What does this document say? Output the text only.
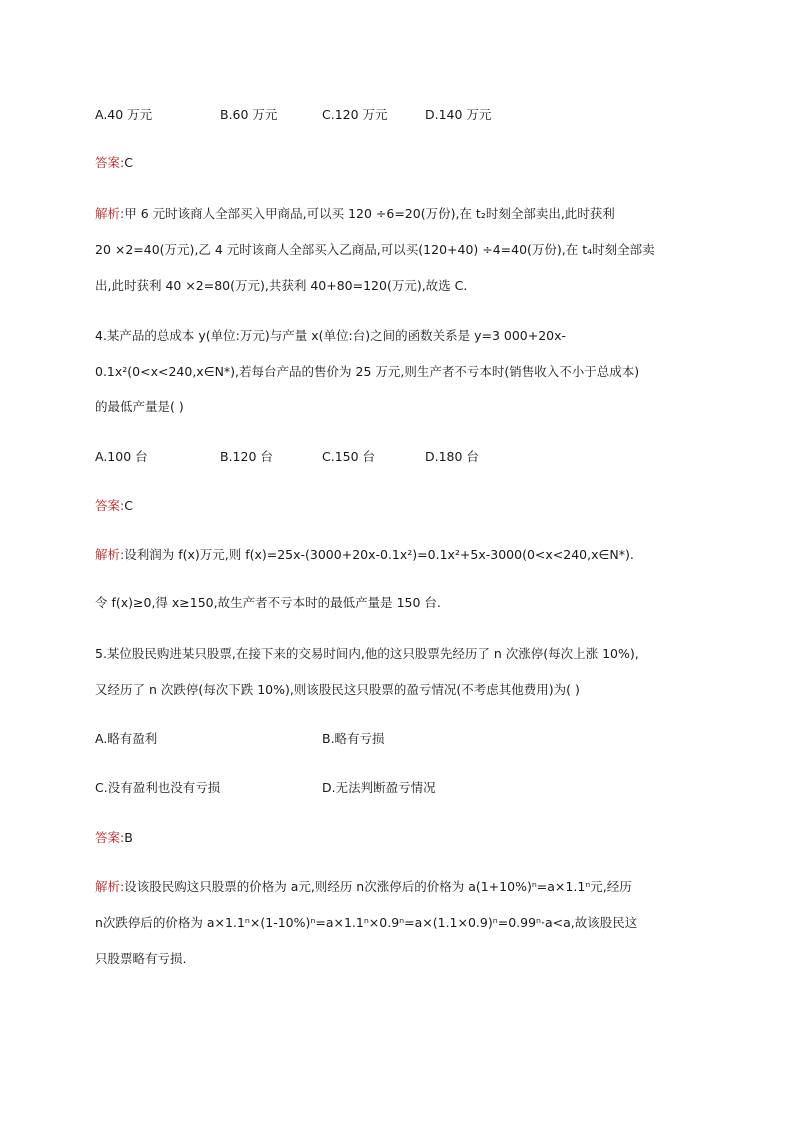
A.40 万元	B.60 万元	C.120 万元	D.140 万元
答案:C
解析:甲 6 元时该商人全部买入甲商品,可以买 120 ÷6=20(万份),在 t₂时刻全部卖出,此时获利
20 ×2=40(万元),乙 4 元时该商人全部买入乙商品,可以买(120+40) ÷4=40(万份),在 t₄时刻全部卖
出,此时获利 40 ×2=80(万元),共获利 40+80=120(万元),故选 C.
4.某产品的总成本 y(单位:万元)与产量 x(单位:台)之间的函数关系是 y=3 000+20x-
0.1x²(0<x<240,x∈N*),若每台产品的售价为 25 万元,则生产者不亏本时(销售收入不小于总成本)
的最低产量是( )
A.100 台	B.120 台	C.150 台	D.180 台
答案:C
解析:设利润为 f(x)万元,则 f(x)=25x-(3000+20x-0.1x²)=0.1x²+5x-3000(0<x<240,x∈N*).
令 f(x)≥0,得 x≥150,故生产者不亏本时的最低产量是 150 台.
5.某位股民购进某只股票,在接下来的交易时间内,他的这只股票先经历了 n 次涨停(每次上涨 10%),
又经历了 n 次跌停(每次下跌 10%),则该股民这只股票的盈亏情况(不考虑其他费用)为( )
A.略有盈利	B.略有亏损
C.没有盈利也没有亏损	D.无法判断盈亏情况
答案:B
解析:设该股民购这只股票的价格为 a元,则经历 n次涨停后的价格为 a(1+10%)ⁿ=a×1.1ⁿ元,经历
n次跌停后的价格为 a×1.1ⁿ×(1-10%)ⁿ=a×1.1ⁿ×0.9ⁿ=a×(1.1×0.9)ⁿ=0.99ⁿ·a<a,故该股民这
只股票略有亏损.
